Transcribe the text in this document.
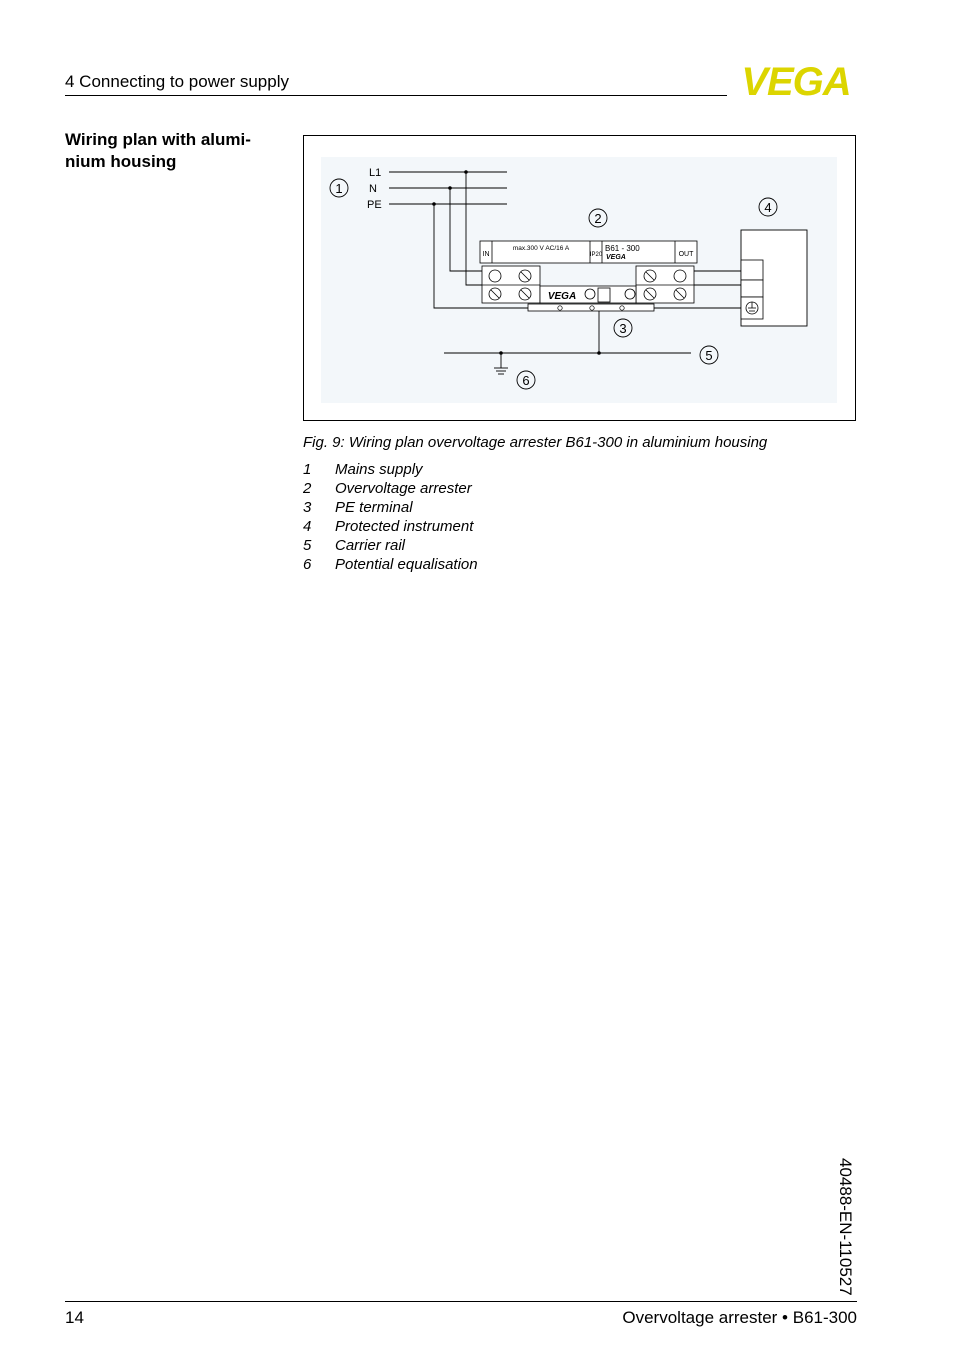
4 Connecting to power supply	VEGA
Wiring plan with alumi-nium housing
1
L1
N
PE
IN
max.300 V AC/16 A
IP20
B61 - 300
VEGA	OUT
VEGA
2
3
4
5
6
Fig. 9: Wiring plan overvoltage arrester B61-300 in aluminium housing
1	Mains supply
2	Overvoltage arrester
3	PE terminal
4	Protected instrument
5	Carrier rail
6	Potential equalisation
40488-EN-110527
14	Overvoltage arrester • B61-300
